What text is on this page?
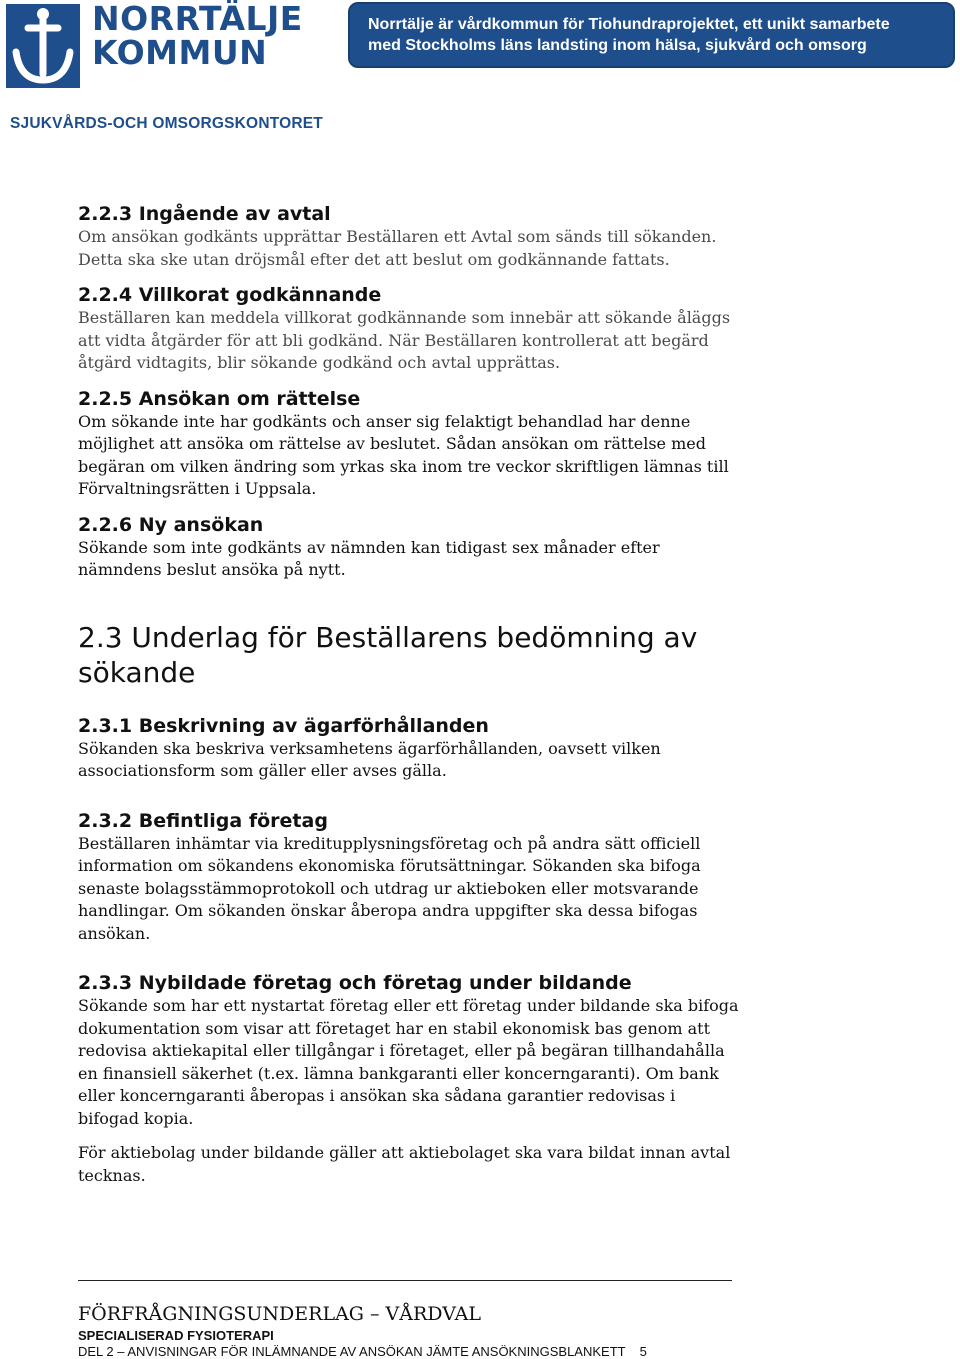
NORRTÄLJE
KOMMUN
Norrtälje är vårdkommun för Tiohundraprojektet, ett unikt samarbete
med Stockholms läns landsting inom hälsa, sjukvård och omsorg
SJUKVÅRDS-OCH OMSORGSKONTORET
2.2.3 Ingående av avtal

Om ansökan godkänts upprättar Beställaren ett Avtal som sänds till sökanden.

Detta ska ske utan dröjsmål efter det att beslut om godkännande fattats.

2.2.4 Villkorat godkännande

Beställaren kan meddela villkorat godkännande som innebär att sökande åläggs

att vidta åtgärder för att bli godkänd. När Beställaren kontrollerat att begärd

åtgärd vidtagits, blir sökande godkänd och avtal upprättas.

2.2.5 Ansökan om rättelse

Om sökande inte har godkänts och anser sig felaktigt behandlad har denne

möjlighet att ansöka om rättelse av beslutet. Sådan ansökan om rättelse med

begäran om vilken ändring som yrkas ska inom tre veckor skriftligen lämnas till

Förvaltningsrätten i Uppsala.

2.2.6 Ny ansökan

Sökande som inte godkänts av nämnden kan tidigast sex månader efter

nämndens beslut ansöka på nytt.

2.3 Underlag för Beställarens bedömning av
sökande
2.3.1 Beskrivning av ägarförhållanden

Sökanden ska beskriva verksamhetens ägarförhållanden, oavsett vilken

associationsform som gäller eller avses gälla.

2.3.2 Befintliga företag

Beställaren inhämtar via kreditupplysningsföretag och på andra sätt officiell

information om sökandens ekonomiska förutsättningar. Sökanden ska bifoga

senaste bolagsstämmoprotokoll och utdrag ur aktieboken eller motsvarande

handlingar. Om sökanden önskar åberopa andra uppgifter ska dessa bifogas

ansökan.

2.3.3 Nybildade företag och företag under bildande

Sökande som har ett nystartat företag eller ett företag under bildande ska bifoga

dokumentation som visar att företaget har en stabil ekonomisk bas genom att

redovisa aktiekapital eller tillgångar i företaget, eller på begäran tillhandahålla

en finansiell säkerhet (t.ex. lämna bankgaranti eller koncerngaranti). Om bank

eller koncerngaranti åberopas i ansökan ska sådana garantier redovisas i

bifogad kopia.

För aktiebolag under bildande gäller att aktiebolaget ska vara bildat innan avtal

tecknas.

FÖRFRÅGNINGSUNDERLAG – VÅRDVAL
SPECIALISERAD FYSIOTERAPI
DEL 2 – ANVISNINGAR FÖR INLÄMNANDE AV ANSÖKAN JÄMTE ANSÖKNINGSBLANKETT 5
